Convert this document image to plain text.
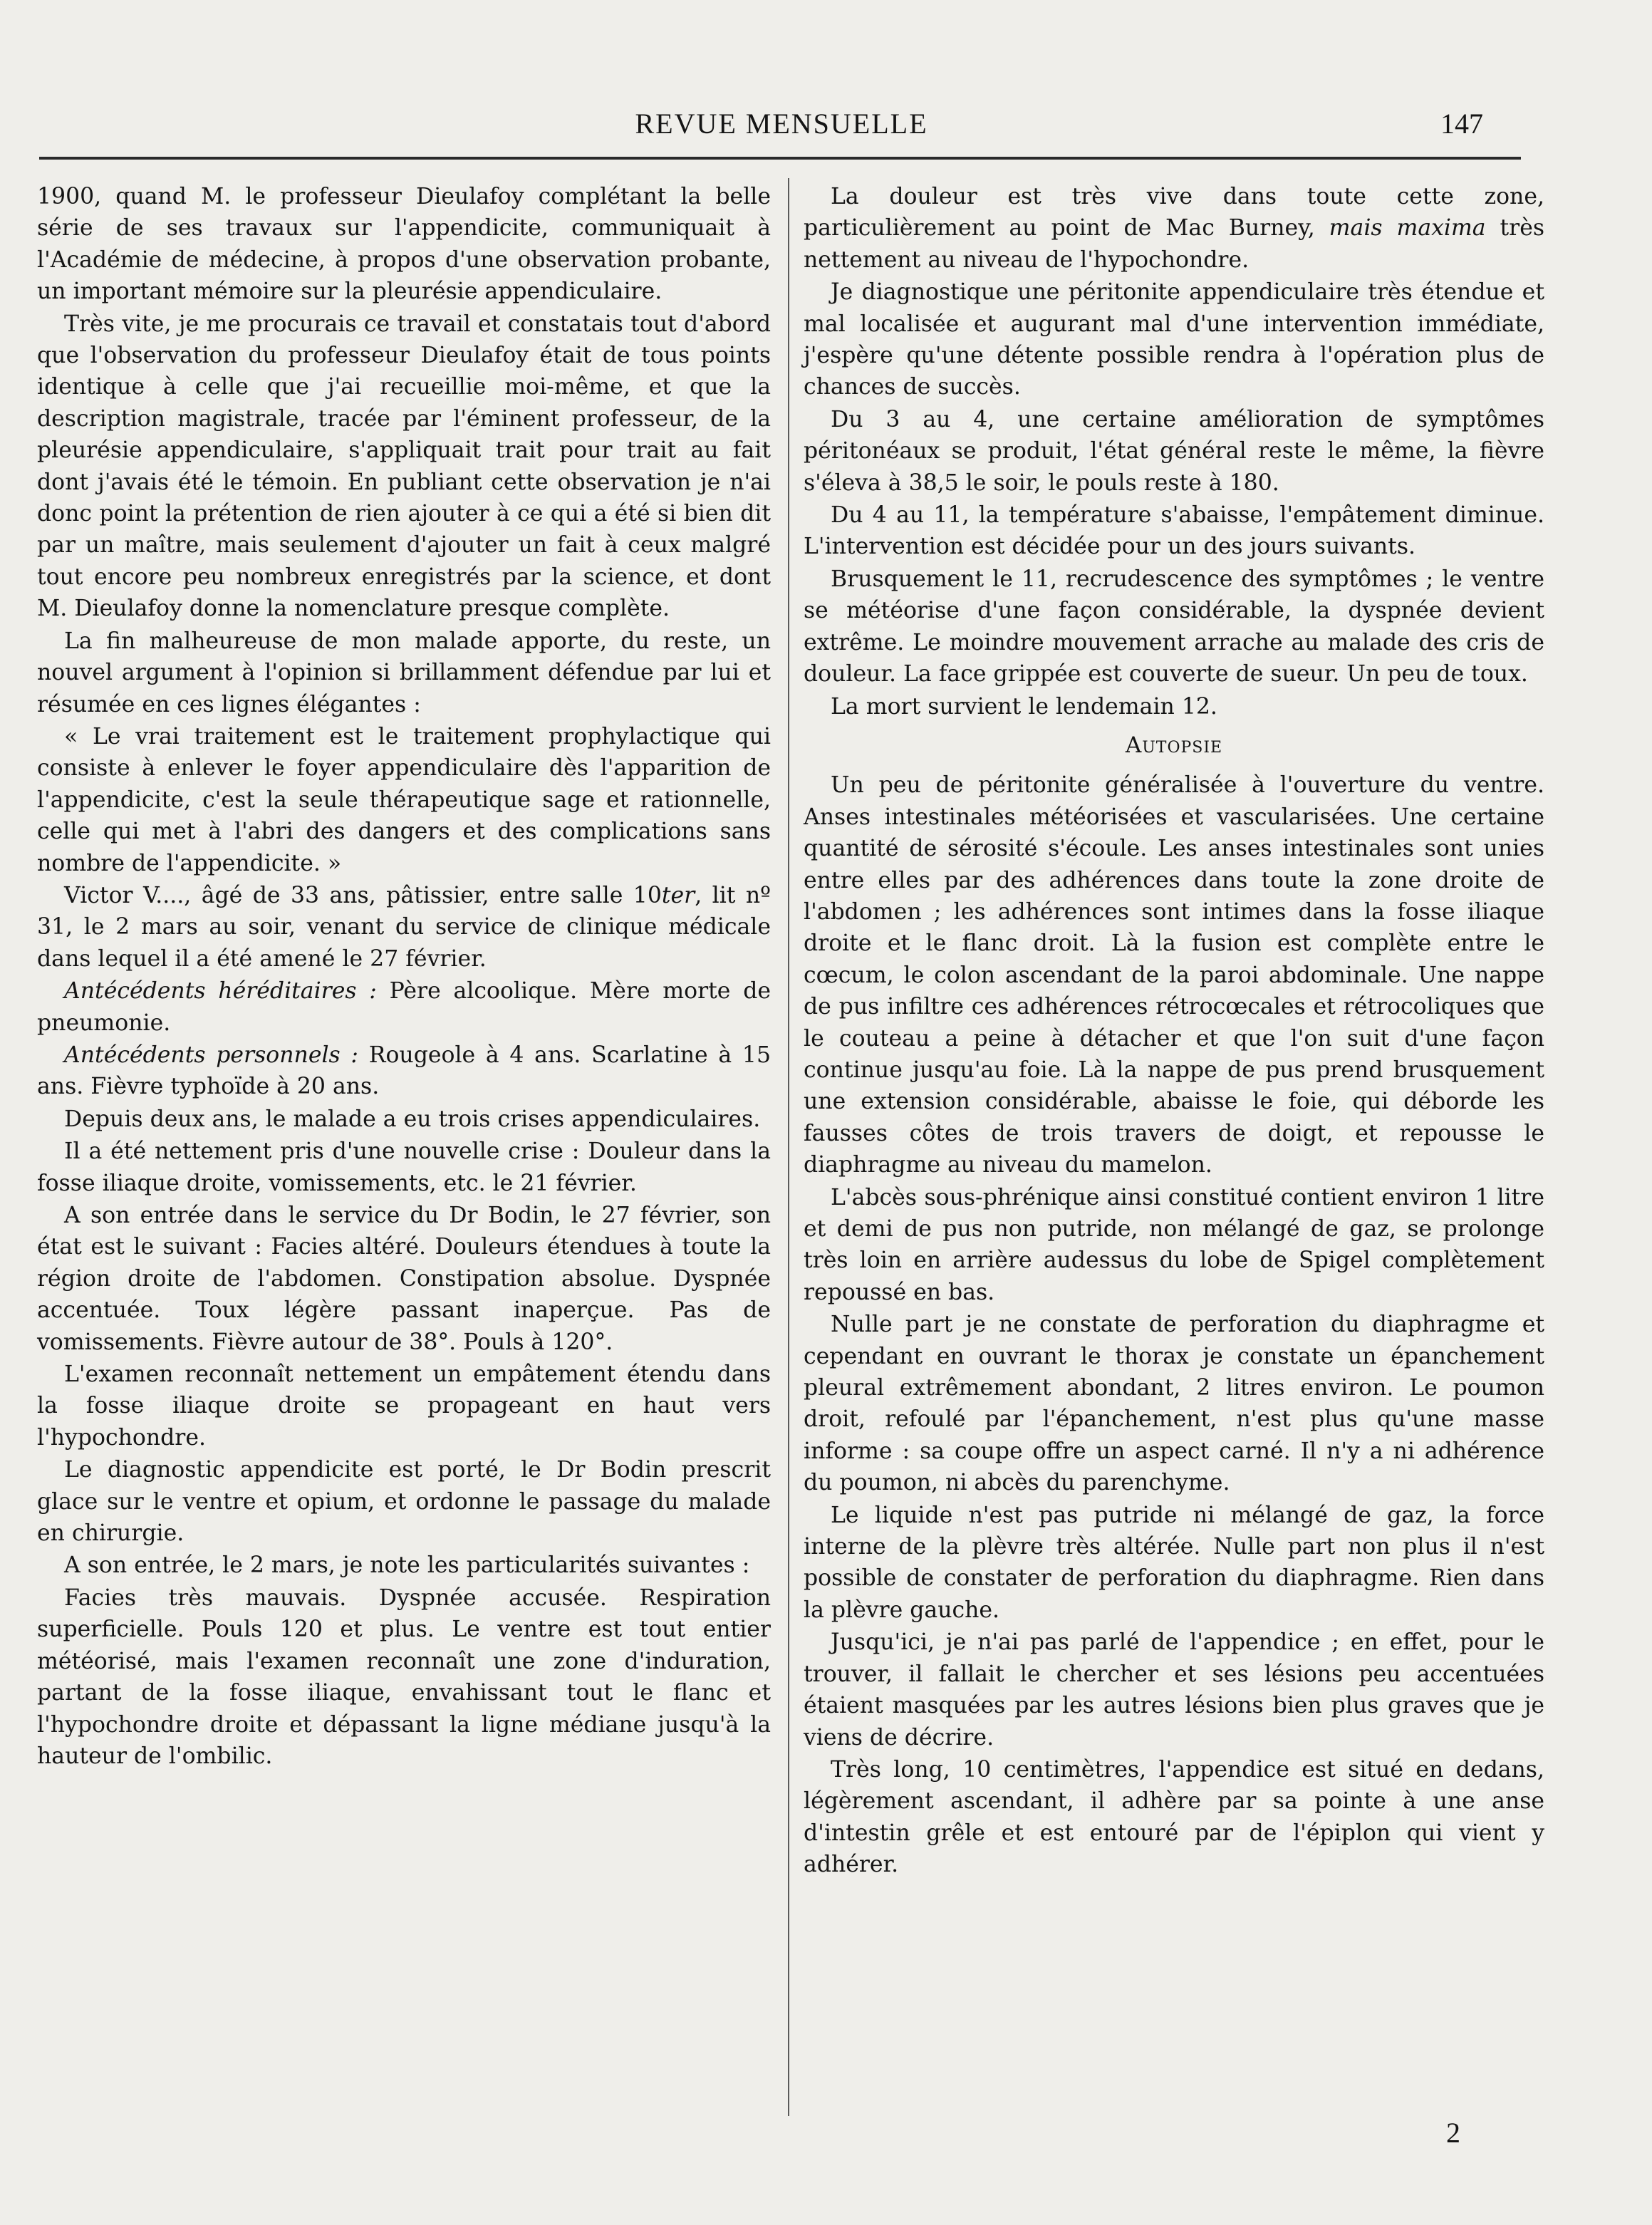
REVUE MENSUELLE	147

1900, quand M. le professeur Dieulafoy complétant la belle série de ses travaux sur l'appendicite, communiquait à l'Académie de médecine, à propos d'une observation probante, un important mémoire sur la pleurésie appendiculaire.

Très vite, je me procurais ce travail et constatais tout d'abord que l'observation du professeur Dieulafoy était de tous points identique à celle que j'ai recueillie moi-même, et que la description magistrale, tracée par l'éminent professeur, de la pleurésie appendiculaire, s'appliquait trait pour trait au fait dont j'avais été le témoin. En publiant cette observation je n'ai donc point la prétention de rien ajouter à ce qui a été si bien dit par un maître, mais seulement d'ajouter un fait à ceux malgré tout encore peu nombreux enregistrés par la science, et dont M. Dieulafoy donne la nomenclature presque complète.

La fin malheureuse de mon malade apporte, du reste, un nouvel argument à l'opinion si brillamment défendue par lui et résumée en ces lignes élégantes :

« Le vrai traitement est le traitement prophylactique qui consiste à enlever le foyer appendiculaire dès l'apparition de l'appendicite, c'est la seule thérapeutique sage et rationnelle, celle qui met à l'abri des dangers et des complications sans nombre de l'appendicite. »

Victor V...., âgé de 33 ans, pâtissier, entre salle 10ter, lit nº 31, le 2 mars au soir, venant du service de clinique médicale dans lequel il a été amené le 27 février.

Antécédents héréditaires : Père alcoolique. Mère morte de pneumonie.

Antécédents personnels : Rougeole à 4 ans. Scarlatine à 15 ans. Fièvre typhoïde à 20 ans.

Depuis deux ans, le malade a eu trois crises appendiculaires.

Il a été nettement pris d'une nouvelle crise : Douleur dans la fosse iliaque droite, vomissements, etc. le 21 février.

A son entrée dans le service du Dr Bodin, le 27 février, son état est le suivant : Facies altéré. Douleurs étendues à toute la région droite de l'abdomen. Constipation absolue. Dyspnée accentuée. Toux légère passant inaperçue. Pas de vomissements. Fièvre autour de 38°. Pouls à 120°.

L'examen reconnaît nettement un empâtement étendu dans la fosse iliaque droite se propageant en haut vers l'hypochondre.

Le diagnostic appendicite est porté, le Dr Bodin prescrit glace sur le ventre et opium, et ordonne le passage du malade en chirurgie.

A son entrée, le 2 mars, je note les particularités suivantes :

Facies très mauvais. Dyspnée accusée. Respiration superficielle. Pouls 120 et plus. Le ventre est tout entier météorisé, mais l'examen reconnaît une zone d'induration, partant de la fosse iliaque, envahissant tout le flanc et l'hypochondre droite et dépassant la ligne médiane jusqu'à la hauteur de l'ombilic.

La douleur est très vive dans toute cette zone, particulièrement au point de Mac Burney, mais maxima très nettement au niveau de l'hypochondre.

Je diagnostique une péritonite appendiculaire très étendue et mal localisée et augurant mal d'une intervention immédiate, j'espère qu'une détente possible rendra à l'opération plus de chances de succès.

Du 3 au 4, une certaine amélioration de symptômes péritonéaux se produit, l'état général reste le même, la fièvre s'éleva à 38,5 le soir, le pouls reste à 180.

Du 4 au 11, la température s'abaisse, l'empâtement diminue. L'intervention est décidée pour un des jours suivants.

Brusquement le 11, recrudescence des symptômes ; le ventre se météorise d'une façon considérable, la dyspnée devient extrême. Le moindre mouvement arrache au malade des cris de douleur. La face grippée est couverte de sueur. Un peu de toux.

La mort survient le lendemain 12.

Autopsie

Un peu de péritonite généralisée à l'ouverture du ventre. Anses intestinales météorisées et vascularisées. Une certaine quantité de sérosité s'écoule. Les anses intestinales sont unies entre elles par des adhérences dans toute la zone droite de l'abdomen ; les adhérences sont intimes dans la fosse iliaque droite et le flanc droit. Là la fusion est complète entre le cœcum, le colon ascendant de la paroi abdominale. Une nappe de pus infiltre ces adhérences rétrocœcales et rétrocoliques que le couteau a peine à détacher et que l'on suit d'une façon continue jusqu'au foie. Là la nappe de pus prend brusquement une extension considérable, abaisse le foie, qui déborde les fausses côtes de trois travers de doigt, et repousse le diaphragme au niveau du mamelon.

L'abcès sous-phrénique ainsi constitué contient environ 1 litre et demi de pus non putride, non mélangé de gaz, se prolonge très loin en arrière audessus du lobe de Spigel complètement repoussé en bas.

Nulle part je ne constate de perforation du diaphragme et cependant en ouvrant le thorax je constate un épanchement pleural extrêmement abondant, 2 litres environ. Le poumon droit, refoulé par l'épanchement, n'est plus qu'une masse informe : sa coupe offre un aspect carné. Il n'y a ni adhérence du poumon, ni abcès du parenchyme.

Le liquide n'est pas putride ni mélangé de gaz, la force interne de la plèvre très altérée. Nulle part non plus il n'est possible de constater de perforation du diaphragme. Rien dans la plèvre gauche.

Jusqu'ici, je n'ai pas parlé de l'appendice ; en effet, pour le trouver, il fallait le chercher et ses lésions peu accentuées étaient masquées par les autres lésions bien plus graves que je viens de décrire.

Très long, 10 centimètres, l'appendice est situé en dedans, légèrement ascendant, il adhère par sa pointe à une anse d'intestin grêle et est entouré par de l'épiplon qui vient y adhérer.

2
